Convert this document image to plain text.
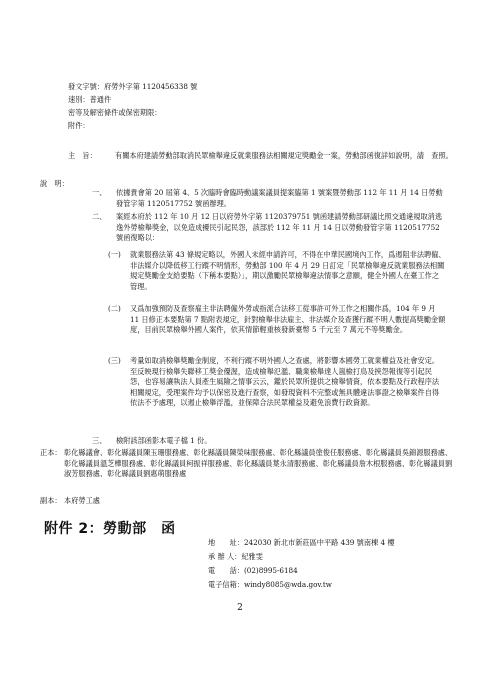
發文字號：府勞外字第 1120456338 號
速別：普通件
密等及解密條件或保密期限：
附件：
主　旨：	有關本府建請勞動部取消民眾檢舉違反就業服務法相關規定獎勵金一案，勞動部函復詳如說明，請　查照。
說　明：
一、 依據貴會第 20 屆第 4、5 次臨時會臨時動議案議員提案臨第 1 號案暨勞動部 112 年 11 月 14 日勞動發管字第 1120517752 號函辦理。
二、 案經本府於 112 年 10 月 12 日以府勞外字第 1120379751 號函建請勞動部研議比照交通違規取消逃逸外勞檢舉獎金，以免造成擾民引起民怨，該部於 112 年 11 月 14 日以勞動發管字第 1120517752 號函復略以：
(一) 就業服務法第 43 條規定略以，外國人未經申請許可，不得在中華民國境內工作，爲遏阻非法聘僱、非法媒介以降低移工行蹤不明情形，勞動部 100 年 4 月 29 日訂定「民眾檢舉違反就業服務法相關規定獎勵金支給要點（下稱本要點）」，期以激勵民眾檢舉違法情事之意願，健全外國人在臺工作之管理。
(二) 又爲加強預防及查察雇主非法聘僱外勞或指派合法移工從事許可外工作之相關作爲，104 年 9 月 11 日修正本要點第 7 點附表規定，針對檢舉非法雇主、非法媒介及查獲行蹤不明人數提高獎勵金額度，目前民眾檢舉外國人案件，依其情節輕重核發新臺幣 5 千元至 7 萬元不等獎勵金。
(三) 考量如取消檢舉獎勵金制度，不利行蹤不明外國人之查處，將影響本國勞工就業權益及社會安定。至反映現行檢舉失聯移工獎金優渥，造成檢舉氾濫、職業檢舉達人嵐檢打鳥及挾怨報復等引起民怨，也容易讓執法人員產生風險之情事云云，鑑於民眾所提供之檢舉情資，依本要點及行政程序法相關規定，受理案件均予以保密及進行查察，如發現資料不完整或無具體違法事證之檢舉案件自得依法不予處理，以遏止檢舉浮濫，並保障合法民眾權益及避免浪費行政資源。
三、 檢附該部函影本電子檔 1 份。
正本： 彰化縣議會、彰化縣議員陳玉珊服務處、彰化縣議員陳榮味服務處、彰化縣議員塗俊任服務處、彰化縣議員吳錦源服務處、彰化縣議員溫芝樺服務處、彰化縣議員柯振祥服務處、彰化縣議員葉永清服務處、彰化縣議員詹木根服務處、彰化縣議員劉淑芳服務處、彰化縣議員劉惠萌服務處
副本： 本府勞工處
附件 2：勞動部　函
地　　址：242030 新北市新莊區中平路 439 號南棟 4 樓
承 辦 人：紀雅雯
電　　話：(02)8995-6184
電子信箱：windy8085@wda.gov.tw
2
